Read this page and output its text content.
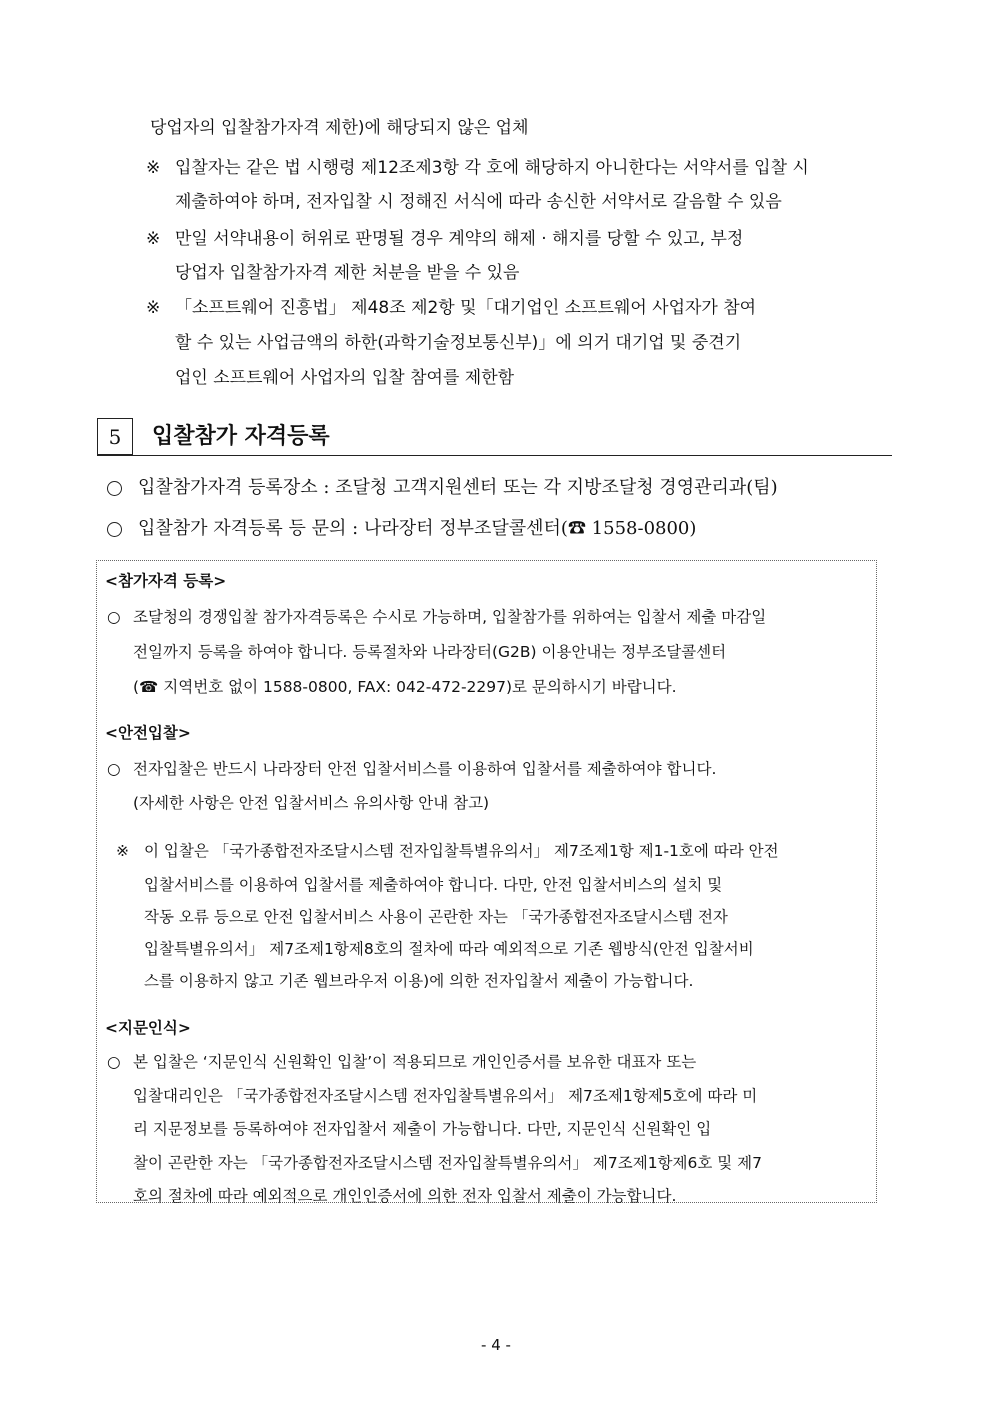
당업자의 입찰참가자격 제한)에 해당되지 않은 업체
※ 입찰자는 같은 법 시행령 제12조제3항 각 호에 해당하지 아니한다는 서약서를 입찰 시
제출하여야 하며, 전자입찰 시 정해진 서식에 따라 송신한 서약서로 갈음할 수 있음
※ 만일 서약내용이 허위로 판명될 경우 계약의 해제 · 해지를 당할 수 있고, 부정
당업자 입찰참가자격 제한 처분을 받을 수 있음
※ 「소프트웨어 진흥법」 제48조 제2항 및「대기업인 소프트웨어 사업자가 참여
할 수 있는 사업금액의 하한(과학기술정보통신부)」에 의거 대기업 및 중견기
업인 소프트웨어 사업자의 입찰 참여를 제한함
5	입찰참가 자격등록
입찰참가자격 등록장소 : 조달청 고객지원센터 또는 각 지방조달청 경영관리과(팀)
입찰참가 자격등록 등 문의 : 나라장터 정부조달콜센터(☎ 1558-0800)
<참가자격 등록>
○ 조달청의 경쟁입찰 참가자격등록은 수시로 가능하며, 입찰참가를 위하여는 입찰서 제출 마감일
전일까지 등록을 하여야 합니다. 등록절차와 나라장터(G2B) 이용안내는 정부조달콜센터
(☎ 지역번호 없이 1588-0800, FAX: 042-472-2297)로 문의하시기 바랍니다.
<안전입찰>
○ 전자입찰은 반드시 나라장터 안전 입찰서비스를 이용하여 입찰서를 제출하여야 합니다.
(자세한 사항은 안전 입찰서비스 유의사항 안내 참고)
※ 이 입찰은 「국가종합전자조달시스템 전자입찰특별유의서」 제7조제1항 제1-1호에 따라 안전
입찰서비스를 이용하여 입찰서를 제출하여야 합니다. 다만, 안전 입찰서비스의 설치 및
작동 오류 등으로 안전 입찰서비스 사용이 곤란한 자는 「국가종합전자조달시스템 전자
입찰특별유의서」 제7조제1항제8호의 절차에 따라 예외적으로 기존 웹방식(안전 입찰서비
스를 이용하지 않고 기존 웹브라우저 이용)에 의한 전자입찰서 제출이 가능합니다.
<지문인식>
○ 본 입찰은 ‘지문인식 신원확인 입찰’이 적용되므로 개인인증서를 보유한 대표자 또는
입찰대리인은 「국가종합전자조달시스템 전자입찰특별유의서」 제7조제1항제5호에 따라 미
리 지문정보를 등록하여야 전자입찰서 제출이 가능합니다. 다만, 지문인식 신원확인 입
찰이 곤란한 자는 「국가종합전자조달시스템 전자입찰특별유의서」 제7조제1항제6호 및 제7
호의 절차에 따라 예외적으로 개인인증서에 의한 전자 입찰서 제출이 가능합니다.
- 4 -
